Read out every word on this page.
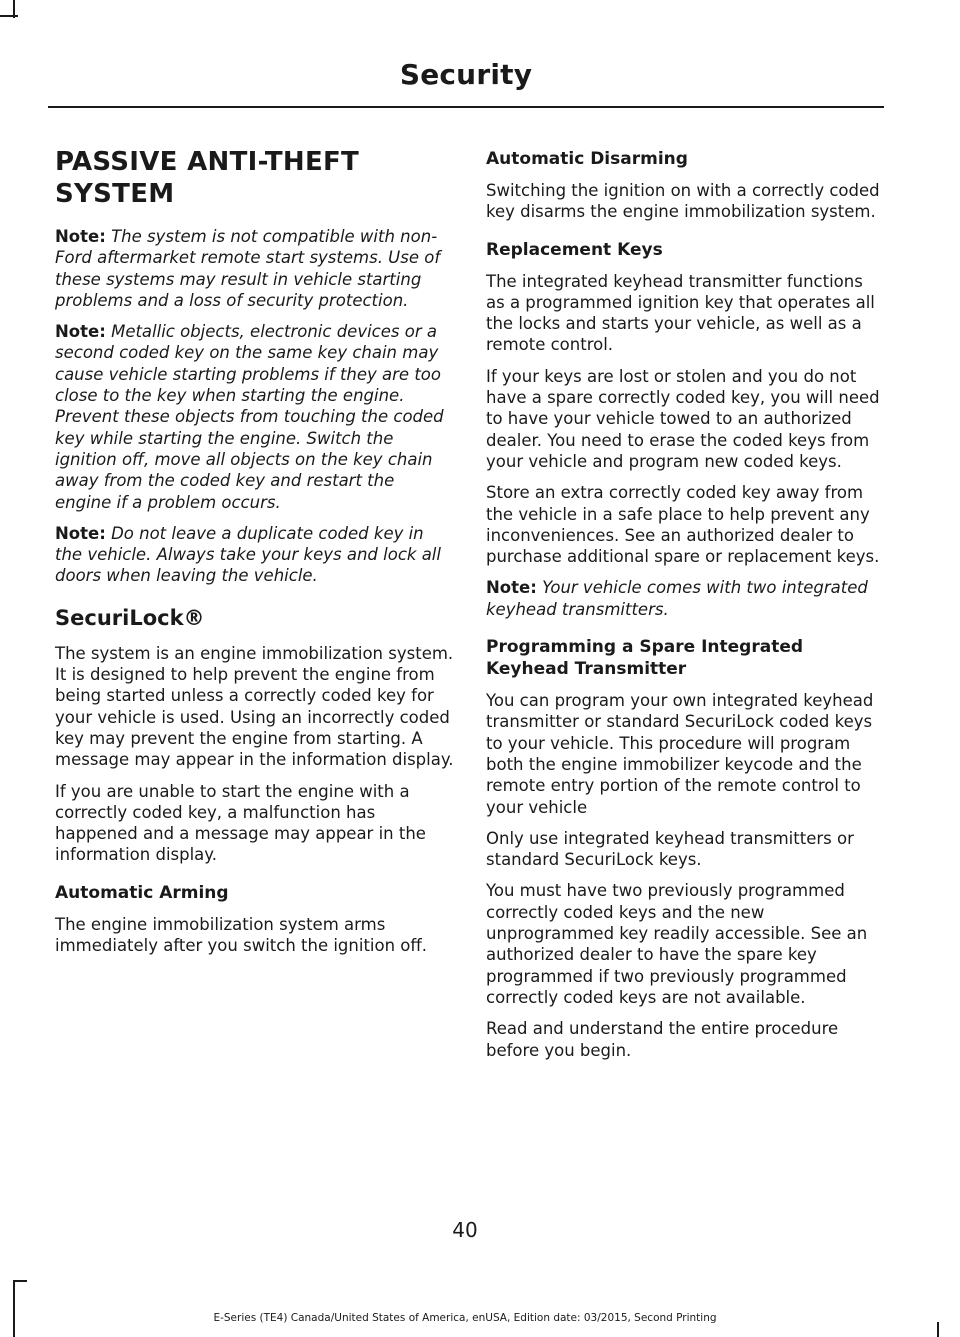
Security
PASSIVE ANTI-THEFT SYSTEM

Note: The system is not compatible with non-Ford aftermarket remote start systems. Use of these systems may result in vehicle starting problems and a loss of security protection.

Note: Metallic objects, electronic devices or a second coded key on the same key chain may cause vehicle starting problems if they are too close to the key when starting the engine. Prevent these objects from touching the coded key while starting the engine. Switch the ignition off, move all objects on the key chain away from the coded key and restart the engine if a problem occurs.

Note: Do not leave a duplicate coded key in the vehicle. Always take your keys and lock all doors when leaving the vehicle.

SecuriLock®

The system is an engine immobilization system. It is designed to help prevent the engine from being started unless a correctly coded key for your vehicle is used. Using an incorrectly coded key may prevent the engine from starting. A message may appear in the information display.

If you are unable to start the engine with a correctly coded key, a malfunction has happened and a message may appear in the information display.

Automatic Arming

The engine immobilization system arms immediately after you switch the ignition off.

Automatic Disarming

Switching the ignition on with a correctly coded key disarms the engine immobilization system.

Replacement Keys

The integrated keyhead transmitter functions as a programmed ignition key that operates all the locks and starts your vehicle, as well as a remote control.

If your keys are lost or stolen and you do not have a spare correctly coded key, you will need to have your vehicle towed to an authorized dealer. You need to erase the coded keys from your vehicle and program new coded keys.

Store an extra correctly coded key away from the vehicle in a safe place to help prevent any inconveniences. See an authorized dealer to purchase additional spare or replacement keys.

Note: Your vehicle comes with two integrated keyhead transmitters.

Programming a Spare Integrated Keyhead Transmitter

You can program your own integrated keyhead transmitter or standard SecuriLock coded keys to your vehicle. This procedure will program both the engine immobilizer keycode and the remote entry portion of the remote control to your vehicle

Only use integrated keyhead transmitters or standard SecuriLock keys.

You must have two previously programmed correctly coded keys and the new unprogrammed key readily accessible. See an authorized dealer to have the spare key programmed if two previously programmed correctly coded keys are not available.

Read and understand the entire procedure before you begin.

40
E-Series (TE4) Canada/United States of America, enUSA, Edition date: 03/2015, Second Printing
